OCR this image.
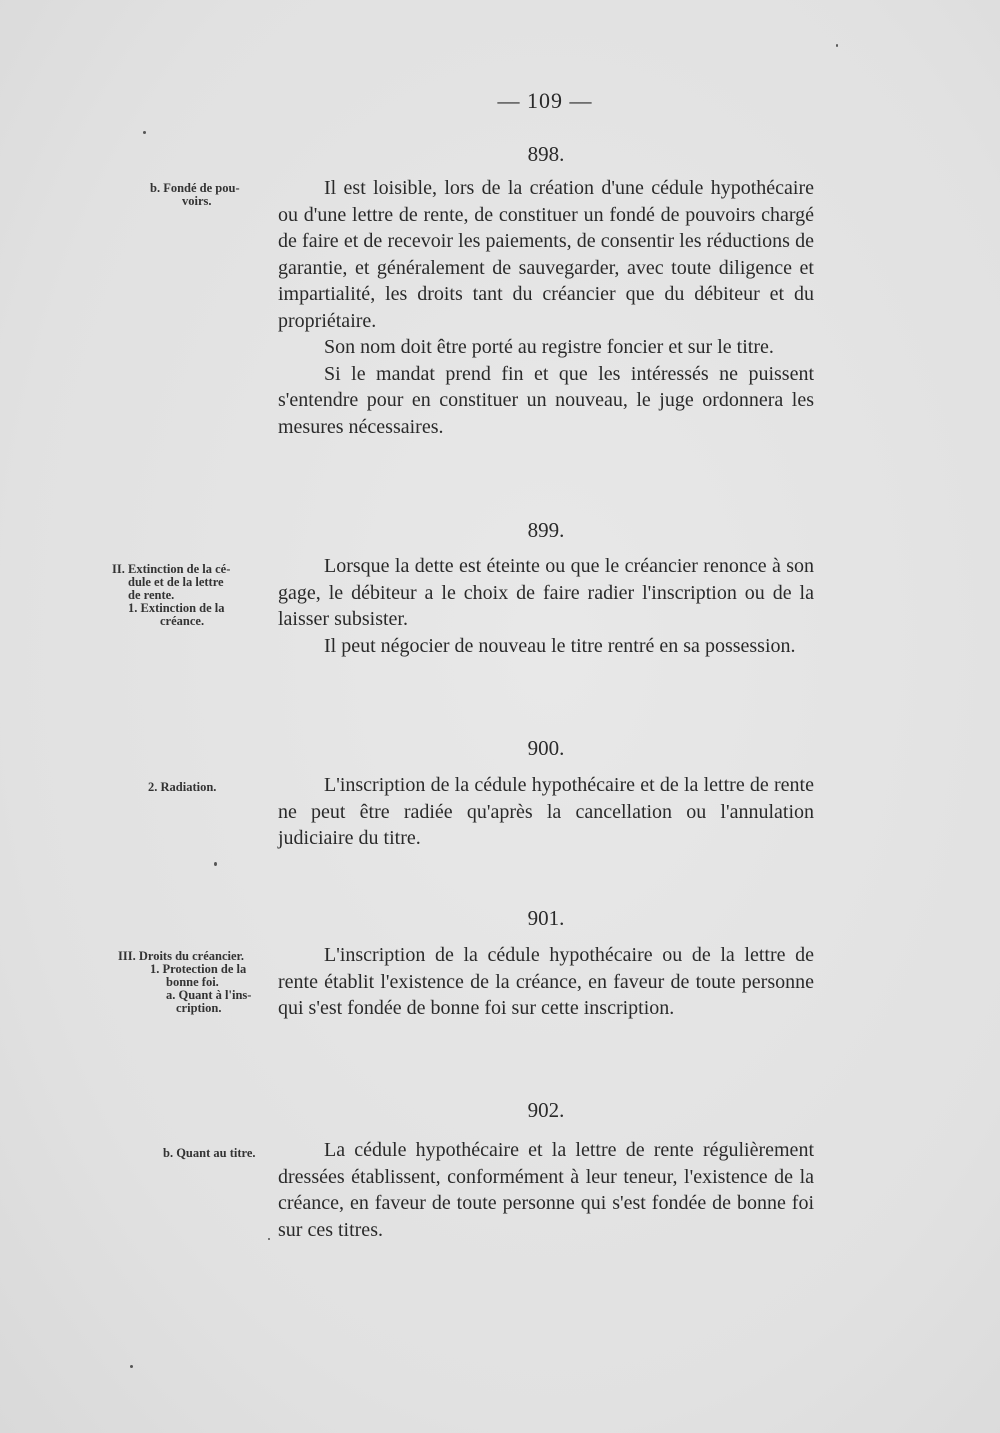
— 109 —
898.
b. Fondé de pou-
voirs.

Il est loisible, lors de la création d'une cédule hypothécaire ou d'une lettre de rente, de constituer un fondé de pouvoirs chargé de faire et de recevoir les paiements, de consentir les réductions de garantie, et généralement de sauvegarder, avec toute diligence et impartialité, les droits tant du créancier que du débiteur et du propriétaire.

Son nom doit être porté au registre foncier et sur le titre.

Si le mandat prend fin et que les intéressés ne puissent s'entendre pour en constituer un nouveau, le juge ordonnera les mesures nécessaires.

899.
II. Extinction de la cé-
dule et de la lettre
de rente.
1. Extinction de la
créance.

Lorsque la dette est éteinte ou que le créancier renonce à son gage, le débiteur a le choix de faire radier l'inscription ou de la laisser subsister.

Il peut négocier de nouveau le titre rentré en sa possession.

900.
2. Radiation.	L'inscription de la cédule hypothécaire et de la lettre de rente ne peut être radiée qu'après la cancellation ou l'annulation judiciaire du titre.

901.
III. Droits du créancier.
1. Protection de la
bonne foi.
a. Quant à l'ins-
cription.

L'inscription de la cédule hypothécaire ou de la lettre de rente établit l'existence de la créance, en faveur de toute personne qui s'est fondée de bonne foi sur cette inscription.

902.
b. Quant au titre.	La cédule hypothécaire et la lettre de rente régulièrement dressées établissent, conformément à leur teneur, l'existence de la créance, en faveur de toute personne qui s'est fondée de bonne foi sur ces titres.
